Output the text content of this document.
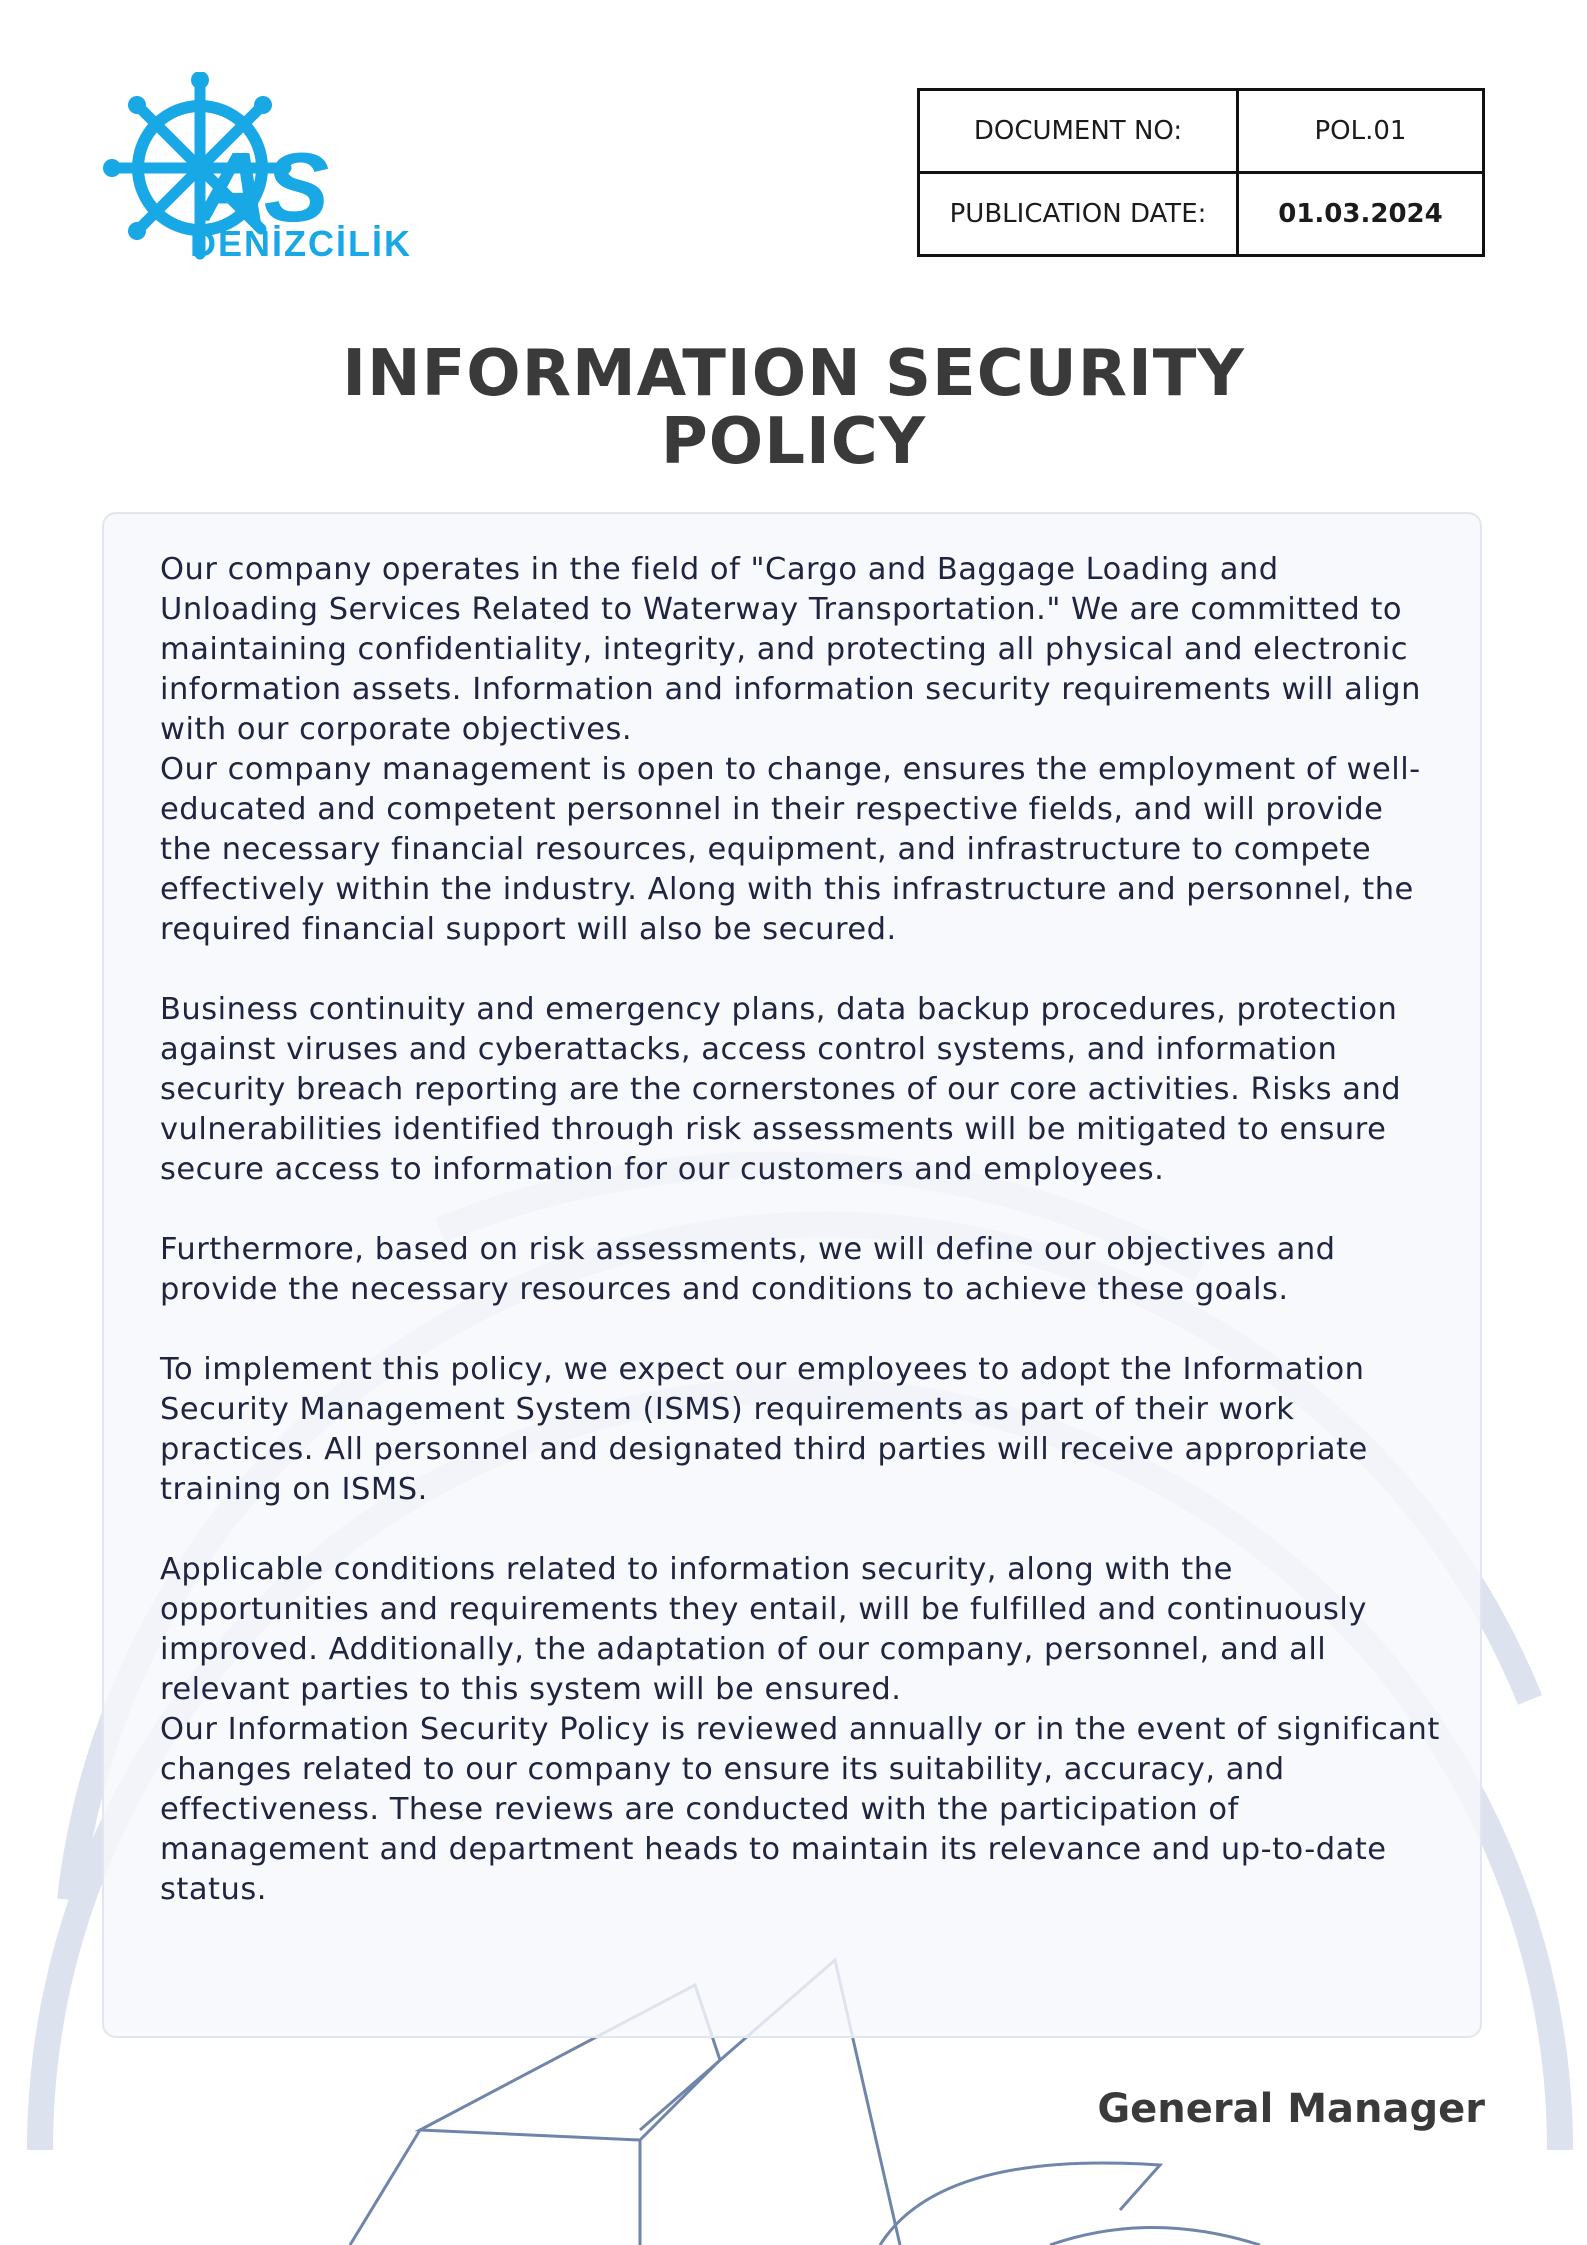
AS
DENİZCİLİK
DOCUMENT NO:	POL.01
PUBLICATION DATE:	01.03.2024
INFORMATION SECURITY
POLICY

Our company operates in the field of "Cargo and Baggage Loading and Unloading Services Related to Waterway Transportation." We are committed to maintaining confidentiality, integrity, and protecting all physical and electronic information assets. Information and information security requirements will align with our corporate objectives.

Our company management is open to change, ensures the employment of well-educated and competent personnel in their respective fields, and will provide the necessary financial resources, equipment, and infrastructure to compete effectively within the industry. Along with this infrastructure and personnel, the required financial support will also be secured.

Business continuity and emergency plans, data backup procedures, protection against viruses and cyberattacks, access control systems, and information security breach reporting are the cornerstones of our core activities. Risks and vulnerabilities identified through risk assessments will be mitigated to ensure secure access to information for our customers and employees.

Furthermore, based on risk assessments, we will define our objectives and provide the necessary resources and conditions to achieve these goals.

To implement this policy, we expect our employees to adopt the Information Security Management System (ISMS) requirements as part of their work practices. All personnel and designated third parties will receive appropriate training on ISMS.

Applicable conditions related to information security, along with the opportunities and requirements they entail, will be fulfilled and continuously improved. Additionally, the adaptation of our company, personnel, and all relevant parties to this system will be ensured.

Our Information Security Policy is reviewed annually or in the event of significant changes related to our company to ensure its suitability, accuracy, and effectiveness. These reviews are conducted with the participation of management and department heads to maintain its relevance and up-to-date status.

General Manager
